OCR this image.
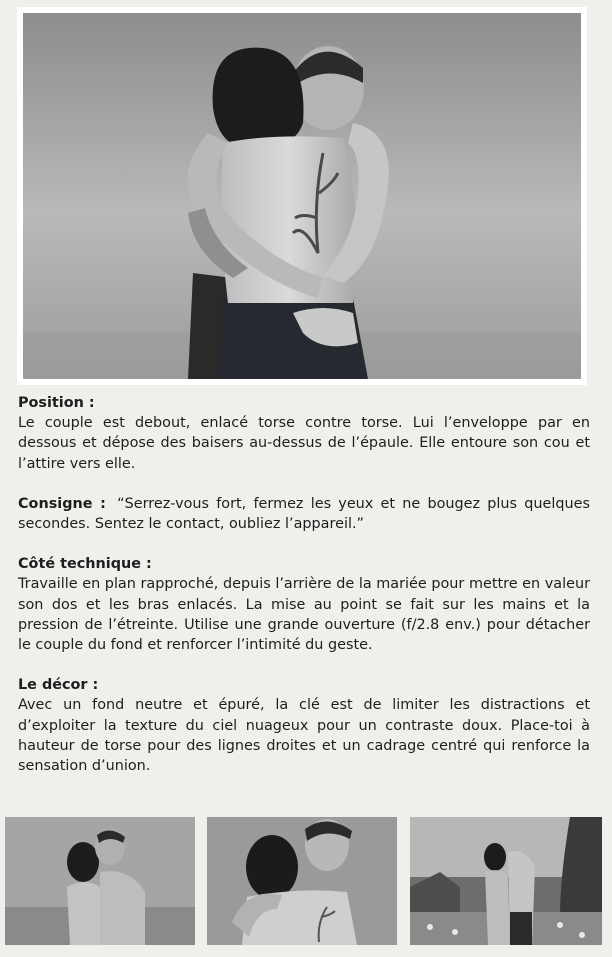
Position :
Le couple est debout, enlacé torse contre torse. Lui l’enveloppe par en dessous et dépose des baisers au-dessus de l’épaule. Elle entoure son cou et l’attire vers elle.

Consigne : “Serrez-vous fort, fermez les yeux et ne bougez plus quelques secondes. Sentez le contact, oubliez l’appareil.”

Côté technique :
Travaille en plan rapproché, depuis l’arrière de la mariée pour mettre en valeur son dos et les bras enlacés. La mise au point se fait sur les mains et la pression de l’étreinte. Utilise une grande ouverture (f/2.8 env.) pour détacher le couple du fond et renforcer l’intimité du geste.

Le décor :
Avec un fond neutre et épuré, la clé est de limiter les distractions et d’exploiter la texture du ciel nuageux pour un contraste doux. Place-toi à hauteur de torse pour des lignes droites et un cadrage centré qui renforce la sensation d’union.
